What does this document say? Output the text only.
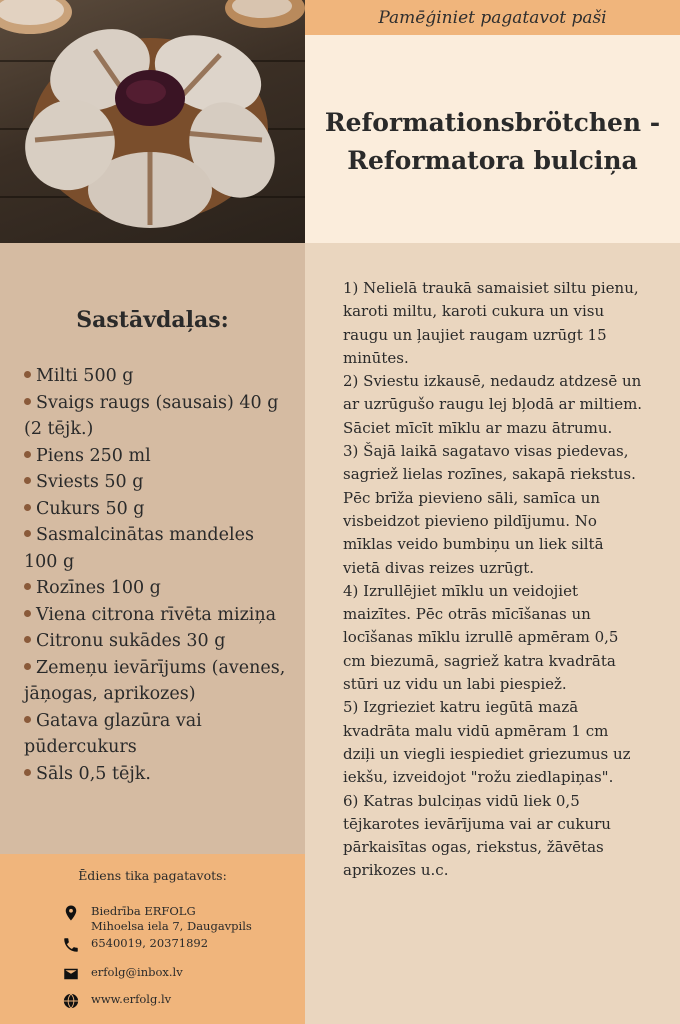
Pamēģiniet pagatavot paši
Reformationsbrötchen -
Reformatora bulciņa
Sastāvdaļas:
Milti 500 g
Svaigs raugs (sausais) 40 g (2 tējk.)
Piens 250 ml
Sviests 50 g
Cukurs 50 g
Sasmalcinātas mandeles 100 g
Rozīnes 100 g
Viena citrona rīvēta miziņa
Citronu sukādes 30 g
Zemeņu ievārījums (avenes, jāņogas, aprikozes)
Gatava glazūra vai pūdercukurs
Sāls 0,5 tējk.

1) Nelielā traukā samaisiet siltu pienu, karoti miltu, karoti cukura un visu raugu un ļaujiet raugam uzrūgt 15 minūtes.

2) Sviestu izkausē, nedaudz atdzesē un ar uzrūgušo raugu lej bļodā ar miltiem. Sāciet mīcīt mīklu ar mazu ātrumu.

3) Šajā laikā sagatavo visas piedevas, sagriež lielas rozīnes, sakapā riekstus. Pēc brīža pievieno sāli, samīca un visbeidzot pievieno pildījumu. No mīklas veido bumbiņu un liek siltā vietā divas reizes uzrūgt.

4) Izrullējiet mīklu un veidojiet maizītes. Pēc otrās mīcīšanas un locīšanas mīklu izrullē apmēram 0,5 cm biezumā, sagriež katra kvadrāta stūri uz vidu un labi piespiež.

5) Izgrieziet katru iegūtā mazā kvadrāta malu vidū apmēram 1 cm dziļi un viegli iespiediet griezumus uz iekšu, izveidojot "rožu ziedlapiņas".

6) Katras bulciņas vidū liek 0,5 tējkarotes ievārījuma vai ar cukuru pārkaisītas ogas, riekstus, žāvētas aprikozes u.c.

Ēdiens tika pagatavots:

Biedrība ERFOLG
Mihoelsa iela 7, Daugavpils
6540019, 20371892
erfolg@inbox.lv
www.erfolg.lv
